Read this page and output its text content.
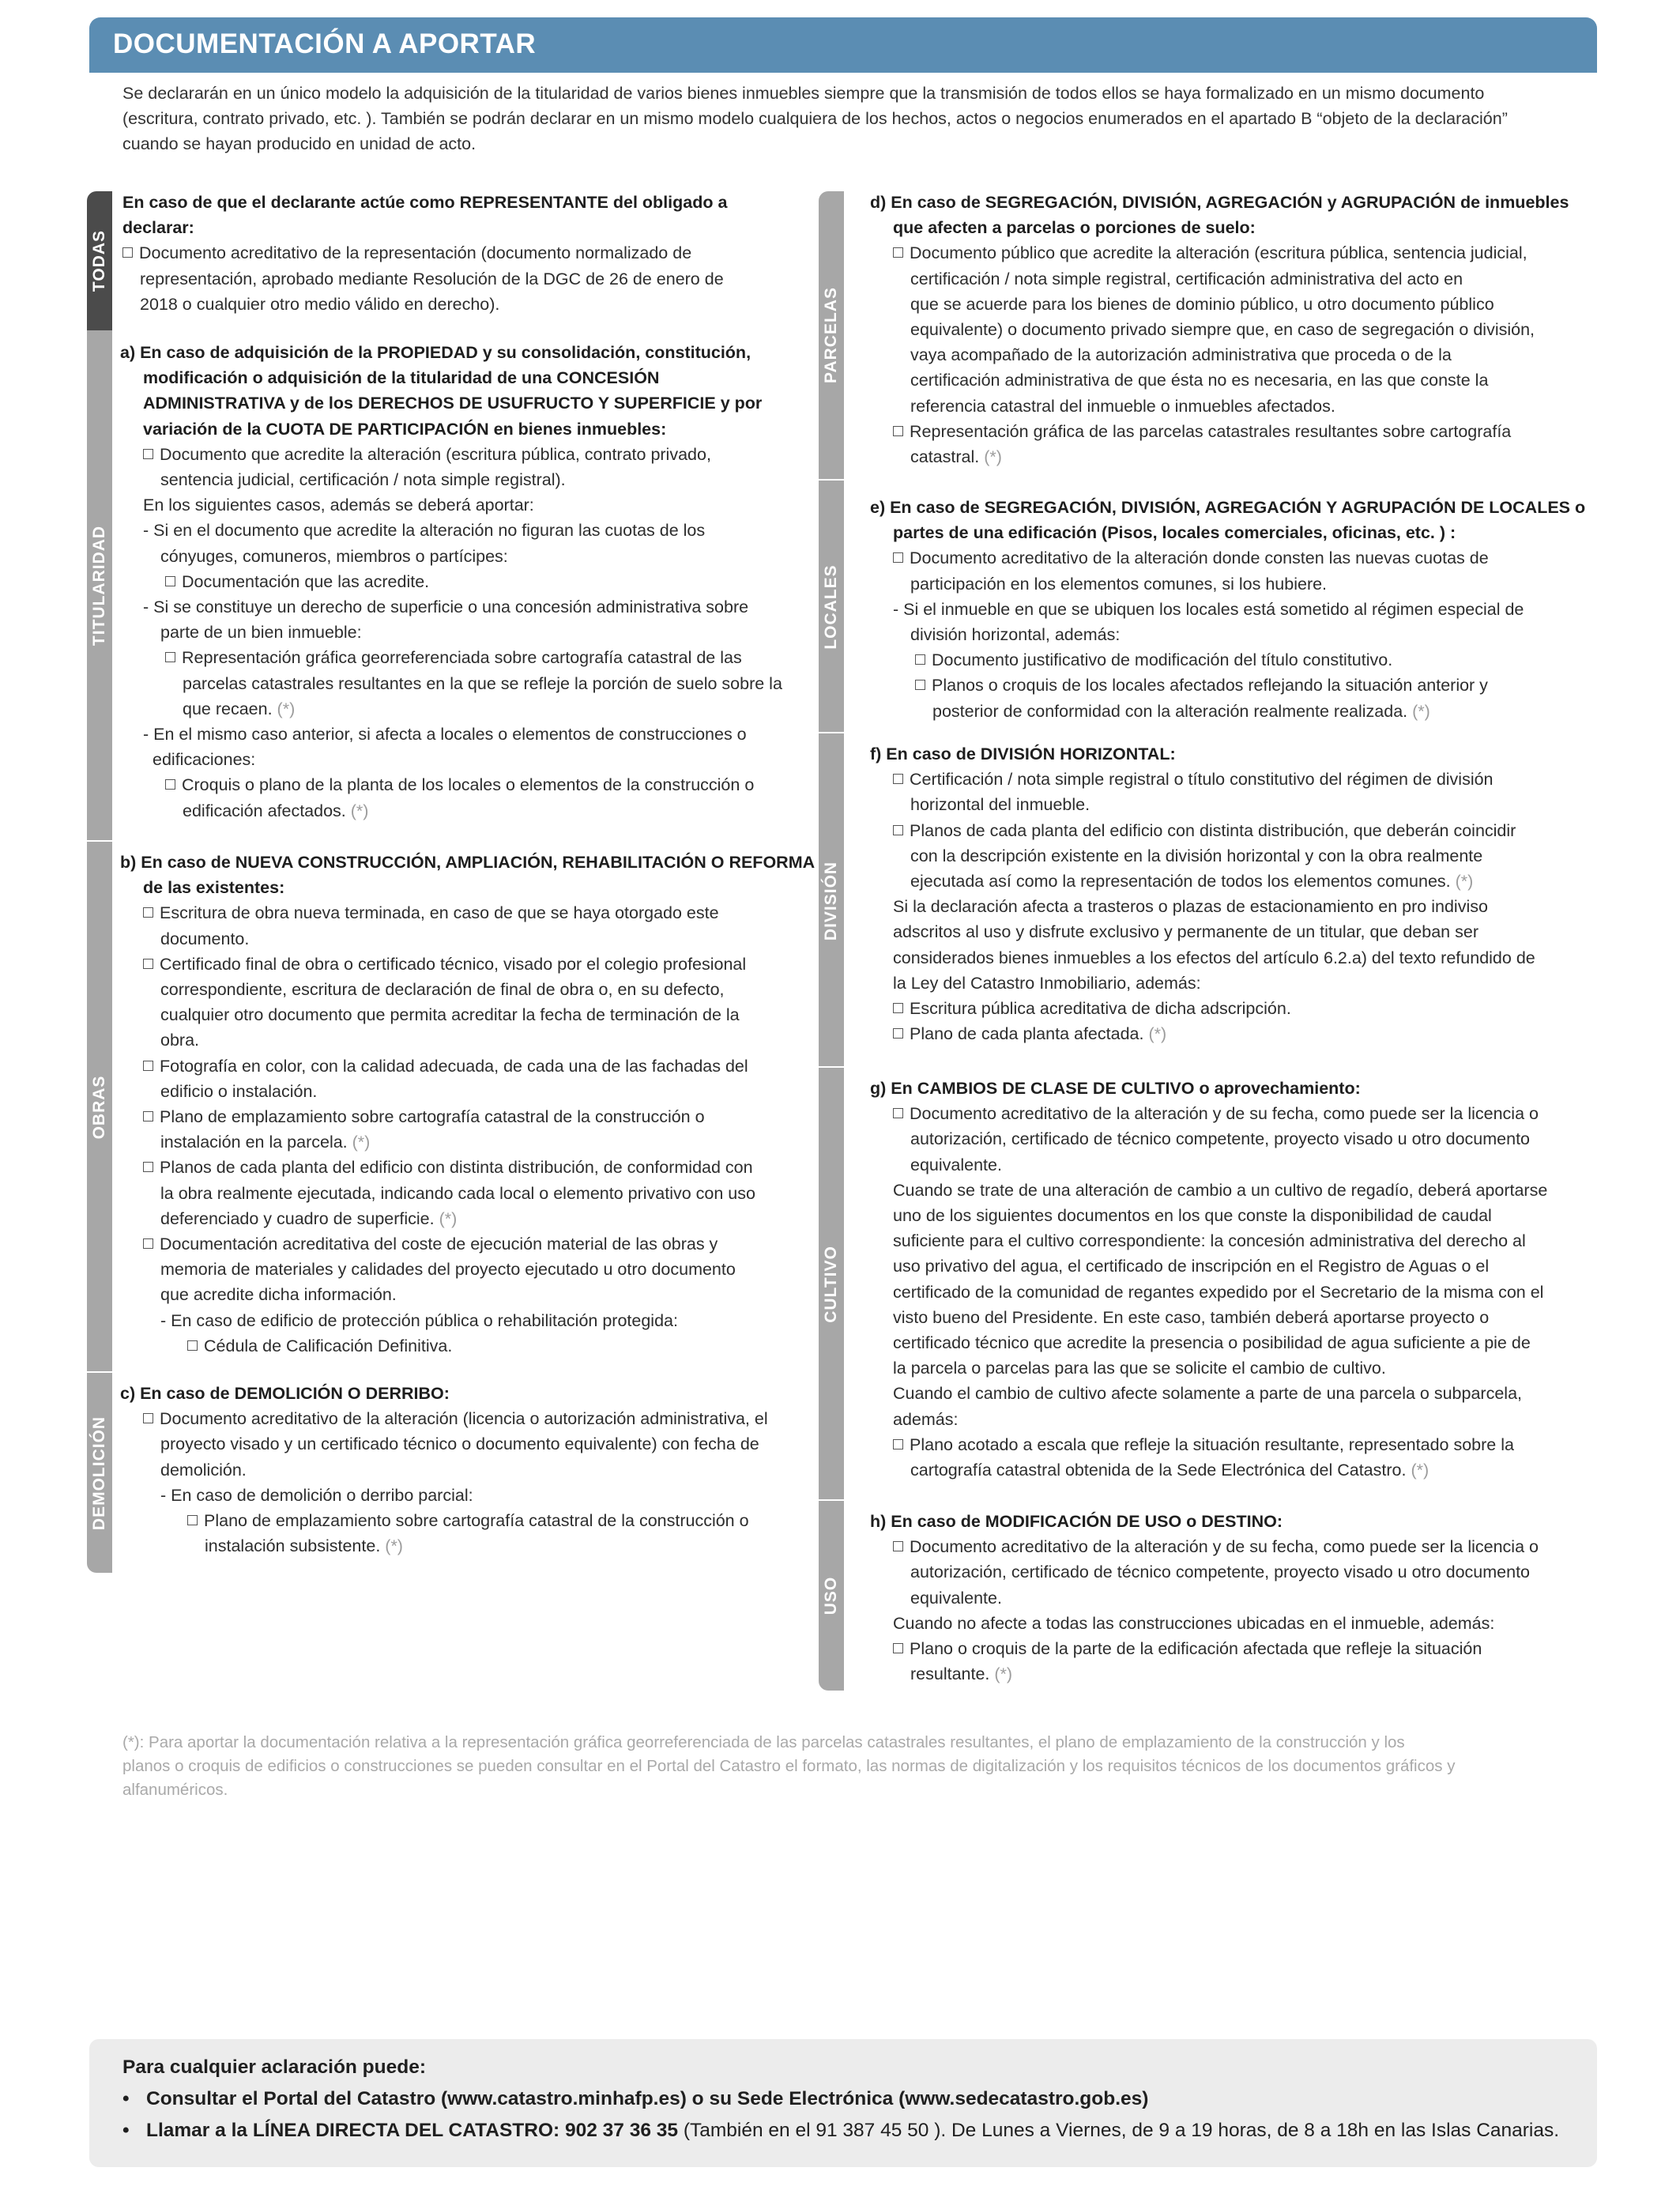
DOCUMENTACIÓN A APORTAR
Se declararán en un único modelo la adquisición de la titularidad de varios bienes inmuebles siempre que la transmisión de todos ellos se haya formalizado en un mismo documento
(escritura, contrato privado, etc. ). También se podrán declarar en un mismo modelo cualquiera de los hechos, actos o negocios enumerados en el apartado B “objeto de la declaración”
cuando se hayan producido en unidad de acto.
TODAS
En caso de que el declarante actúe como REPRESENTANTE del obligado a
declarar:
Documento acreditativo de la representación (documento normalizado de
representación, aprobado mediante Resolución de la DGC de 26 de enero de
2018 o cualquier otro medio válido en derecho).
TITULARIDAD
a) En caso de adquisición de la PROPIEDAD y su consolidación, constitución,
modificación o adquisición de la titularidad de una CONCESIÓN
ADMINISTRATIVA y de los DERECHOS DE USUFRUCTO Y SUPERFICIE y por
variación de la CUOTA DE PARTICIPACIÓN en bienes inmuebles:
Documento que acredite la alteración (escritura pública, contrato privado,
sentencia judicial, certificación / nota simple registral).
En los siguientes casos, además se deberá aportar:
- Si en el documento que acredite la alteración no figuran las cuotas de los
cónyuges, comuneros, miembros o partícipes:
Documentación que las acredite.
- Si se constituye un derecho de superficie o una concesión administrativa sobre
parte de un bien inmueble:
Representación gráfica georreferenciada sobre cartografía catastral de las
parcelas catastrales resultantes en la que se refleje la porción de suelo sobre la
que recaen. (*)
- En el mismo caso anterior, si afecta a locales o elementos de construcciones o
edificaciones:
Croquis o plano de la planta de los locales o elementos de la construcción o
edificación afectados. (*)
OBRAS
b) En caso de NUEVA CONSTRUCCIÓN, AMPLIACIÓN, REHABILITACIÓN O REFORMA
de las existentes:
Escritura de obra nueva terminada, en caso de que se haya otorgado este
documento.
Certificado final de obra o certificado técnico, visado por el colegio profesional
correspondiente, escritura de declaración de final de obra o, en su defecto,
cualquier otro documento que permita acreditar la fecha de terminación de la
obra.
Fotografía en color, con la calidad adecuada, de cada una de las fachadas del
edificio o instalación.
Plano de emplazamiento sobre cartografía catastral de la construcción o
instalación en la parcela. (*)
Planos de cada planta del edificio con distinta distribución, de conformidad con
la obra realmente ejecutada, indicando cada local o elemento privativo con uso
deferenciado y cuadro de superficie. (*)
Documentación acreditativa del coste de ejecución material de las obras y
memoria de materiales y calidades del proyecto ejecutado u otro documento
que acredite dicha información.
- En caso de edificio de protección pública o rehabilitación protegida:
Cédula de Calificación Definitiva.
DEMOLICIÓN
c) En caso de DEMOLICIÓN O DERRIBO:
Documento acreditativo de la alteración (licencia o autorización administrativa, el
proyecto visado y un certificado técnico o documento equivalente) con fecha de
demolición.
- En caso de demolición o derribo parcial:
Plano de emplazamiento sobre cartografía catastral de la construcción o
instalación subsistente. (*)
PARCELAS
d) En caso de SEGREGACIÓN, DIVISIÓN, AGREGACIÓN y AGRUPACIÓN de inmuebles
que afecten a parcelas o porciones de suelo:
Documento público que acredite la alteración (escritura pública, sentencia judicial,
certificación / nota simple registral, certificación administrativa del acto en
que se acuerde para los bienes de dominio público, u otro documento público
equivalente) o documento privado siempre que, en caso de segregación o división,
vaya acompañado de la autorización administrativa que proceda o de la
certificación administrativa de que ésta no es necesaria, en las que conste la
referencia catastral del inmueble o inmuebles afectados.
Representación gráfica de las parcelas catastrales resultantes sobre cartografía
catastral. (*)
LOCALES
e) En caso de SEGREGACIÓN, DIVISIÓN, AGREGACIÓN Y AGRUPACIÓN DE LOCALES o
partes de una edificación (Pisos, locales comerciales, oficinas, etc. ) :
Documento acreditativo de la alteración donde consten las nuevas cuotas de
participación en los elementos comunes, si los hubiere.
- Si el inmueble en que se ubiquen los locales está sometido al régimen especial de
división horizontal, además:
Documento justificativo de modificación del título constitutivo.
Planos o croquis de los locales afectados reflejando la situación anterior y
posterior de conformidad con la alteración realmente realizada. (*)
DIVISIÓN
f) En caso de DIVISIÓN HORIZONTAL:
Certificación / nota simple registral o título constitutivo del régimen de división
horizontal del inmueble.
Planos de cada planta del edificio con distinta distribución, que deberán coincidir
con la descripción existente en la división horizontal y con la obra realmente
ejecutada así como la representación de todos los elementos comunes. (*)
Si la declaración afecta a trasteros o plazas de estacionamiento en pro indiviso
adscritos al uso y disfrute exclusivo y permanente de un titular, que deban ser
considerados bienes inmuebles a los efectos del artículo 6.2.a) del texto refundido de
la Ley del Catastro Inmobiliario, además:
Escritura pública acreditativa de dicha adscripción.
Plano de cada planta afectada. (*)
CULTIVO
g) En CAMBIOS DE CLASE DE CULTIVO o aprovechamiento:
Documento acreditativo de la alteración y de su fecha, como puede ser la licencia o
autorización, certificado de técnico competente, proyecto visado u otro documento
equivalente.
Cuando se trate de una alteración de cambio a un cultivo de regadío, deberá aportarse
uno de los siguientes documentos en los que conste la disponibilidad de caudal
suficiente para el cultivo correspondiente: la concesión administrativa del derecho al
uso privativo del agua, el certificado de inscripción en el Registro de Aguas o el
certificado de la comunidad de regantes expedido por el Secretario de la misma con el
visto bueno del Presidente. En este caso, también deberá aportarse proyecto o
certificado técnico que acredite la presencia o posibilidad de agua suficiente a pie de
la parcela o parcelas para las que se solicite el cambio de cultivo.
Cuando el cambio de cultivo afecte solamente a parte de una parcela o subparcela,
además:
Plano acotado a escala que refleje la situación resultante, representado sobre la
cartografía catastral obtenida de la Sede Electrónica del Catastro. (*)
USO
h) En caso de MODIFICACIÓN DE USO o DESTINO:
Documento acreditativo de la alteración y de su fecha, como puede ser la licencia o
autorización, certificado de técnico competente, proyecto visado u otro documento
equivalente.
Cuando no afecte a todas las construcciones ubicadas en el inmueble, además:
Plano o croquis de la parte de la edificación afectada que refleje la situación
resultante. (*)
(*): Para aportar la documentación relativa a la representación gráfica georreferenciada de las parcelas catastrales resultantes, el plano de emplazamiento de la construcción y los
planos o croquis de edificios o construcciones se pueden consultar en el Portal del Catastro el formato, las normas de digitalización y los requisitos técnicos de los documentos gráficos y
alfanuméricos.
Para cualquier aclaración puede:
• Consultar el Portal del Catastro (www.catastro.minhafp.es) o su Sede Electrónica (www.sedecatastro.gob.es)
• Llamar a la LÍNEA DIRECTA DEL CATASTRO: 902 37 36 35 (También en el 91 387 45 50 ). De Lunes a Viernes, de 9 a 19 horas, de 8 a 18h en las Islas Canarias.
